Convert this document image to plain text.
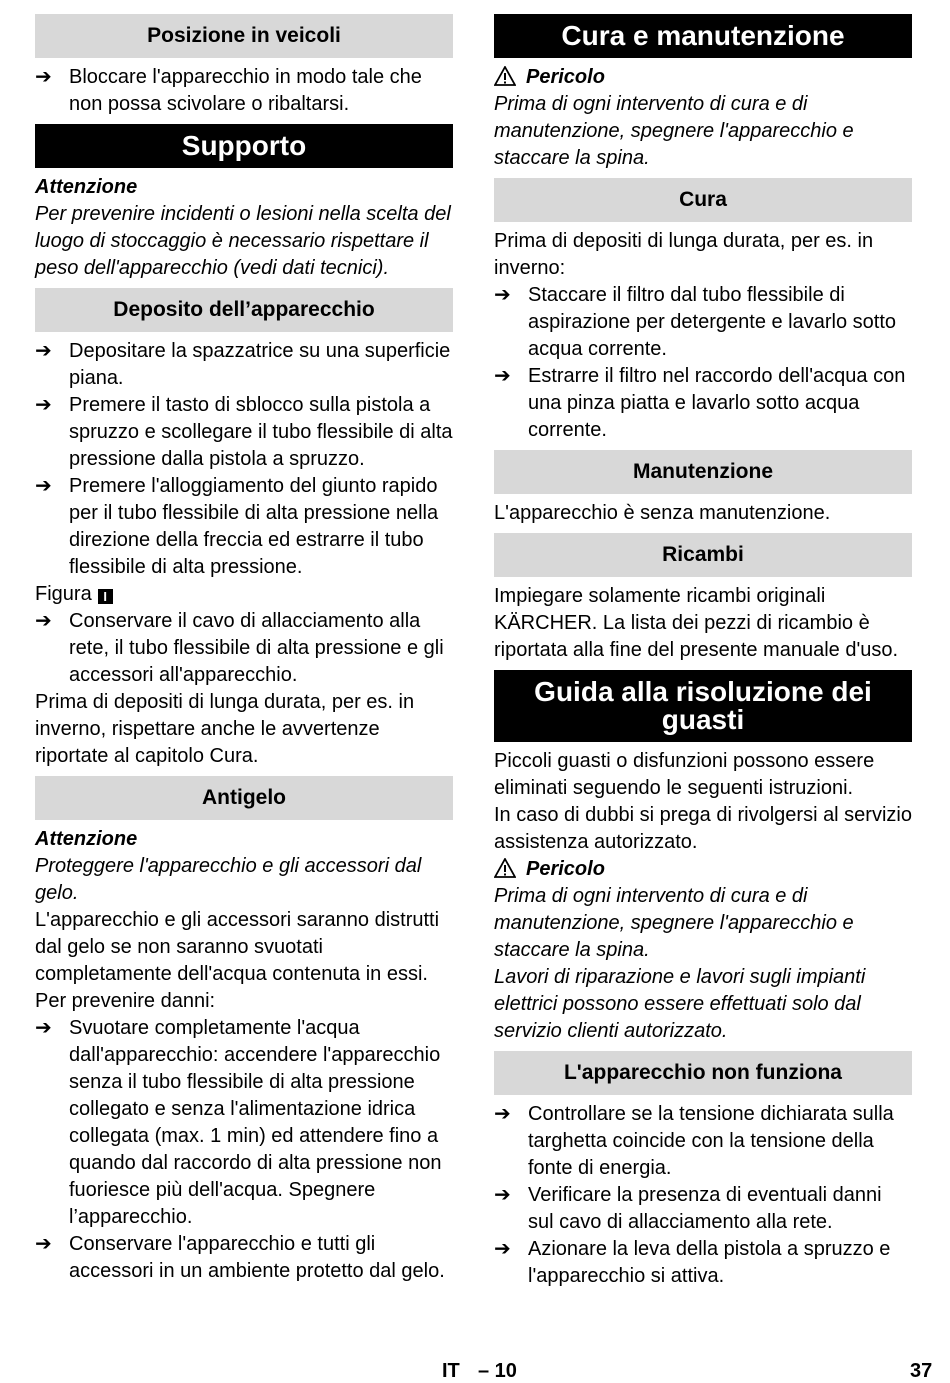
Posizione in veicoli
➔ Bloccare l'apparecchio in modo tale che non possa scivolare o ribaltarsi.
Supporto
Attenzione
Per prevenire incidenti o lesioni nella scelta del luogo di stoccaggio è necessario rispettare il peso dell'apparecchio (vedi dati tecnici).
Deposito dell’apparecchio
➔ Depositare la spazzatrice su una superficie piana.
➔ Premere il tasto di sblocco sulla pistola a spruzzo e scollegare il tubo flessibile di alta pressione dalla pistola a spruzzo.
➔ Premere l'alloggiamento del giunto rapido per il tubo flessibile di alta pressione nella direzione della freccia ed estrarre il tubo flessibile di alta pressione.
Figura I
➔ Conservare il cavo di allacciamento alla rete, il tubo flessibile di alta pressione e gli accessori all'apparecchio.
Prima di depositi di lunga durata, per es. in inverno, rispettare anche le avvertenze riportate al capitolo Cura.
Antigelo
Attenzione
Proteggere l'apparecchio e gli accessori dal gelo.
L'apparecchio e gli accessori saranno distrutti dal gelo se non saranno svuotati completamente dell'acqua contenuta in essi. Per prevenire danni:
➔ Svuotare completamente l'acqua dall'apparecchio: accendere l'apparecchio senza il tubo flessibile di alta pressione collegato e senza l'alimentazione idrica collegata (max. 1 min) ed attendere fino a quando dal raccordo di alta pressione non fuoriesce più dell'acqua. Spegnere l’apparecchio.
➔ Conservare l'apparecchio e tutti gli accessori in un ambiente protetto dal gelo.
Cura e manutenzione
Pericolo
Prima di ogni intervento di cura e di manutenzione, spegnere l'apparecchio e staccare la spina.
Cura
Prima di depositi di lunga durata, per es. in inverno:
➔ Staccare il filtro dal tubo flessibile di aspirazione per detergente e lavarlo sotto acqua corrente.
➔ Estrarre il filtro nel raccordo dell'acqua con una pinza piatta e lavarlo sotto acqua corrente.
Manutenzione
L'apparecchio è senza manutenzione.
Ricambi
Impiegare solamente ricambi originali KÄRCHER. La lista dei pezzi di ricambio è riportata alla fine del presente manuale d'uso.
Guida alla risoluzione dei
guasti
Piccoli guasti o disfunzioni possono essere eliminati seguendo le seguenti istruzioni.
In caso di dubbi si prega di rivolgersi al servizio assistenza autorizzato.
Pericolo
Prima di ogni intervento di cura e di manutenzione, spegnere l'apparecchio e staccare la spina.
Lavori di riparazione e lavori sugli impianti elettrici possono essere effettuati solo dal servizio clienti autorizzato.
L'apparecchio non funziona
➔ Controllare se la tensione dichiarata sulla targhetta coincide con la tensione della fonte di energia.
➔ Verificare la presenza di eventuali danni sul cavo di allacciamento alla rete.
➔ Azionare la leva della pistola a spruzzo e l'apparecchio si attiva.
IT – 10	37
